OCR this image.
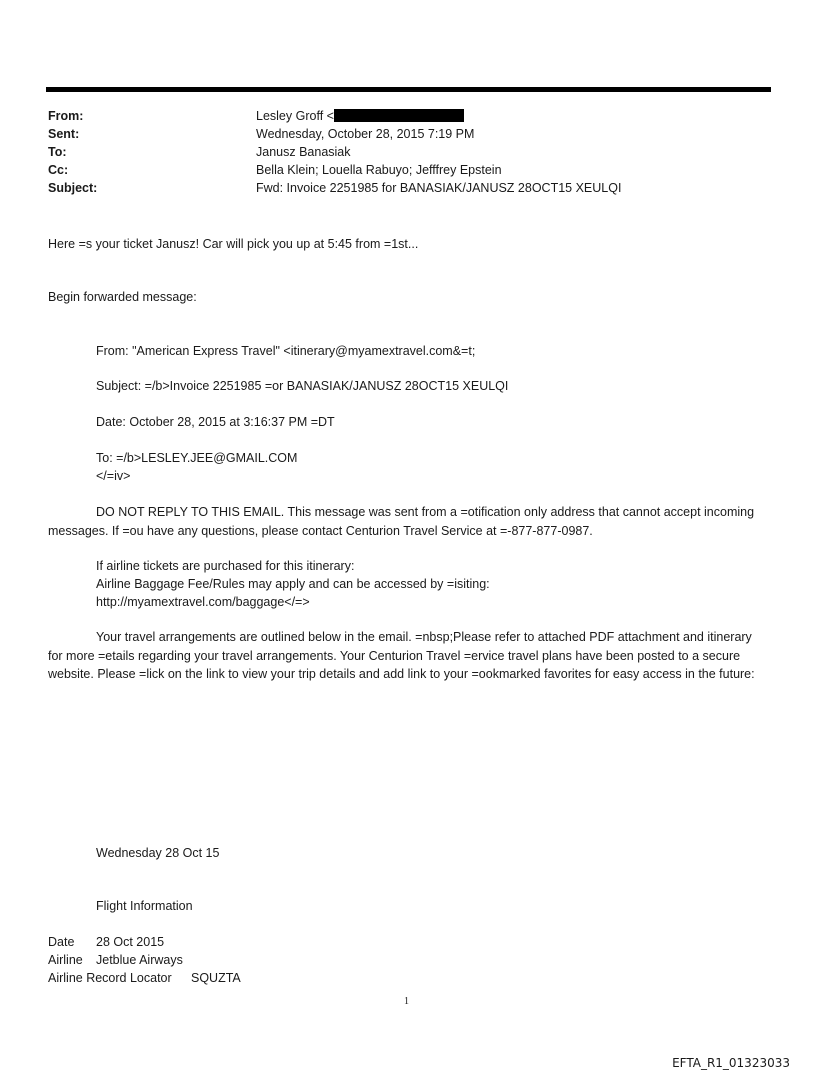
From:	Lesley Groff <
Sent:	Wednesday, October 28, 2015 7:19 PM
To:	Janusz Banasiak
Cc:	Bella Klein; Louella Rabuyo; Jefffrey Epstein
Subject:	Fwd: Invoice 2251985 for BANASIAK/JANUSZ 28OCT15 XEULQI
Here =s your ticket Janusz! Car will pick you up at 5:45 from =1st...
Begin forwarded message:
From: "American Express Travel" <itinerary@myamextravel.com&=t;
Subject: =/b>Invoice 2251985 =or BANASIAK/JANUSZ 28OCT15 XEULQI
Date: October 28, 2015 at 3:16:37 PM =DT
To: =/b>LESLEY.JEE@GMAIL.COM
</=iv>
DO NOT REPLY TO THIS EMAIL. This message was sent from a =otification only address that cannot accept incoming messages. If =ou have any questions, please contact Centurion Travel Service at =-877-877-0987.
If airline tickets are purchased for this itinerary:
Airline Baggage Fee/Rules may apply and can be accessed by =isiting:
http://myamextravel.com/baggage</=>
Your travel arrangements are outlined below in the email. =nbsp;Please refer to attached PDF attachment and itinerary for more =etails regarding your travel arrangements. Your Centurion Travel =ervice travel plans have been posted to a secure website. Please =lick on the link to view your trip details and add link to your =ookmarked favorites for easy access in the future:
Wednesday 28 Oct 15
Flight Information
Date 28 Oct 2015
Airline Jetblue Airways
Airline Record Locator SQUZTA
1
EFTA_R1_01323033
